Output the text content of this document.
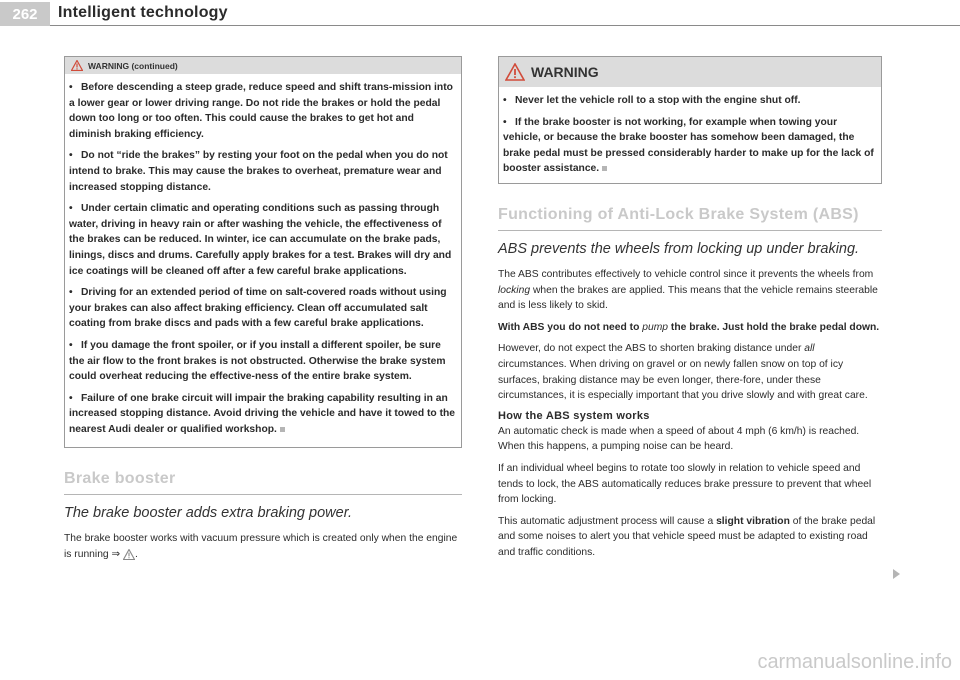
262	Intelligent technology
WARNING (continued)

• Before descending a steep grade, reduce speed and shift trans-mission into a lower gear or lower driving range. Do not ride the brakes or hold the pedal down too long or too often. This could cause the brakes to get hot and diminish braking efficiency.

• Do not “ride the brakes” by resting your foot on the pedal when you do not intend to brake. This may cause the brakes to overheat, premature wear and increased stopping distance.

• Under certain climatic and operating conditions such as passing through water, driving in heavy rain or after washing the vehicle, the effectiveness of the brakes can be reduced. In winter, ice can accumulate on the brake pads, linings, discs and drums. Carefully apply brakes for a test. Brakes will dry and ice coatings will be cleaned off after a few careful brake applications.

• Driving for an extended period of time on salt-covered roads without using your brakes can also affect braking efficiency. Clean off accumulated salt coating from brake discs and pads with a few careful brake applications.

• If you damage the front spoiler, or if you install a different spoiler, be sure the air flow to the front brakes is not obstructed. Otherwise the brake system could overheat reducing the effective-ness of the entire brake system.

• Failure of one brake circuit will impair the braking capability resulting in an increased stopping distance. Avoid driving the vehicle and have it towed to the nearest Audi dealer or qualified workshop.

Brake booster

The brake booster adds extra braking power.

The brake booster works with vacuum pressure which is created only when the engine is running ⇒ .

WARNING

• Never let the vehicle roll to a stop with the engine shut off.

• If the brake booster is not working, for example when towing your vehicle, or because the brake booster has somehow been damaged, the brake pedal must be pressed considerably harder to make up for the lack of booster assistance.

Functioning of Anti-Lock Brake System (ABS)

ABS prevents the wheels from locking up under braking.

The ABS contributes effectively to vehicle control since it prevents the wheels from locking when the brakes are applied. This means that the vehicle remains steerable and is less likely to skid.

With ABS you do not need to pump the brake. Just hold the brake pedal down.

However, do not expect the ABS to shorten braking distance under all circumstances. When driving on gravel or on newly fallen snow on top of icy surfaces, braking distance may be even longer, there-fore, under these circumstances, it is especially important that you drive slowly and with great care.

How the ABS system works

An automatic check is made when a speed of about 4 mph (6 km/h) is reached. When this happens, a pumping noise can be heard.

If an individual wheel begins to rotate too slowly in relation to vehicle speed and tends to lock, the ABS automatically reduces brake pressure to prevent that wheel from locking.

This automatic adjustment process will cause a slight vibration of the brake pedal and some noises to alert you that vehicle speed must be adapted to existing road and traffic conditions.

carmanualsonline.info
